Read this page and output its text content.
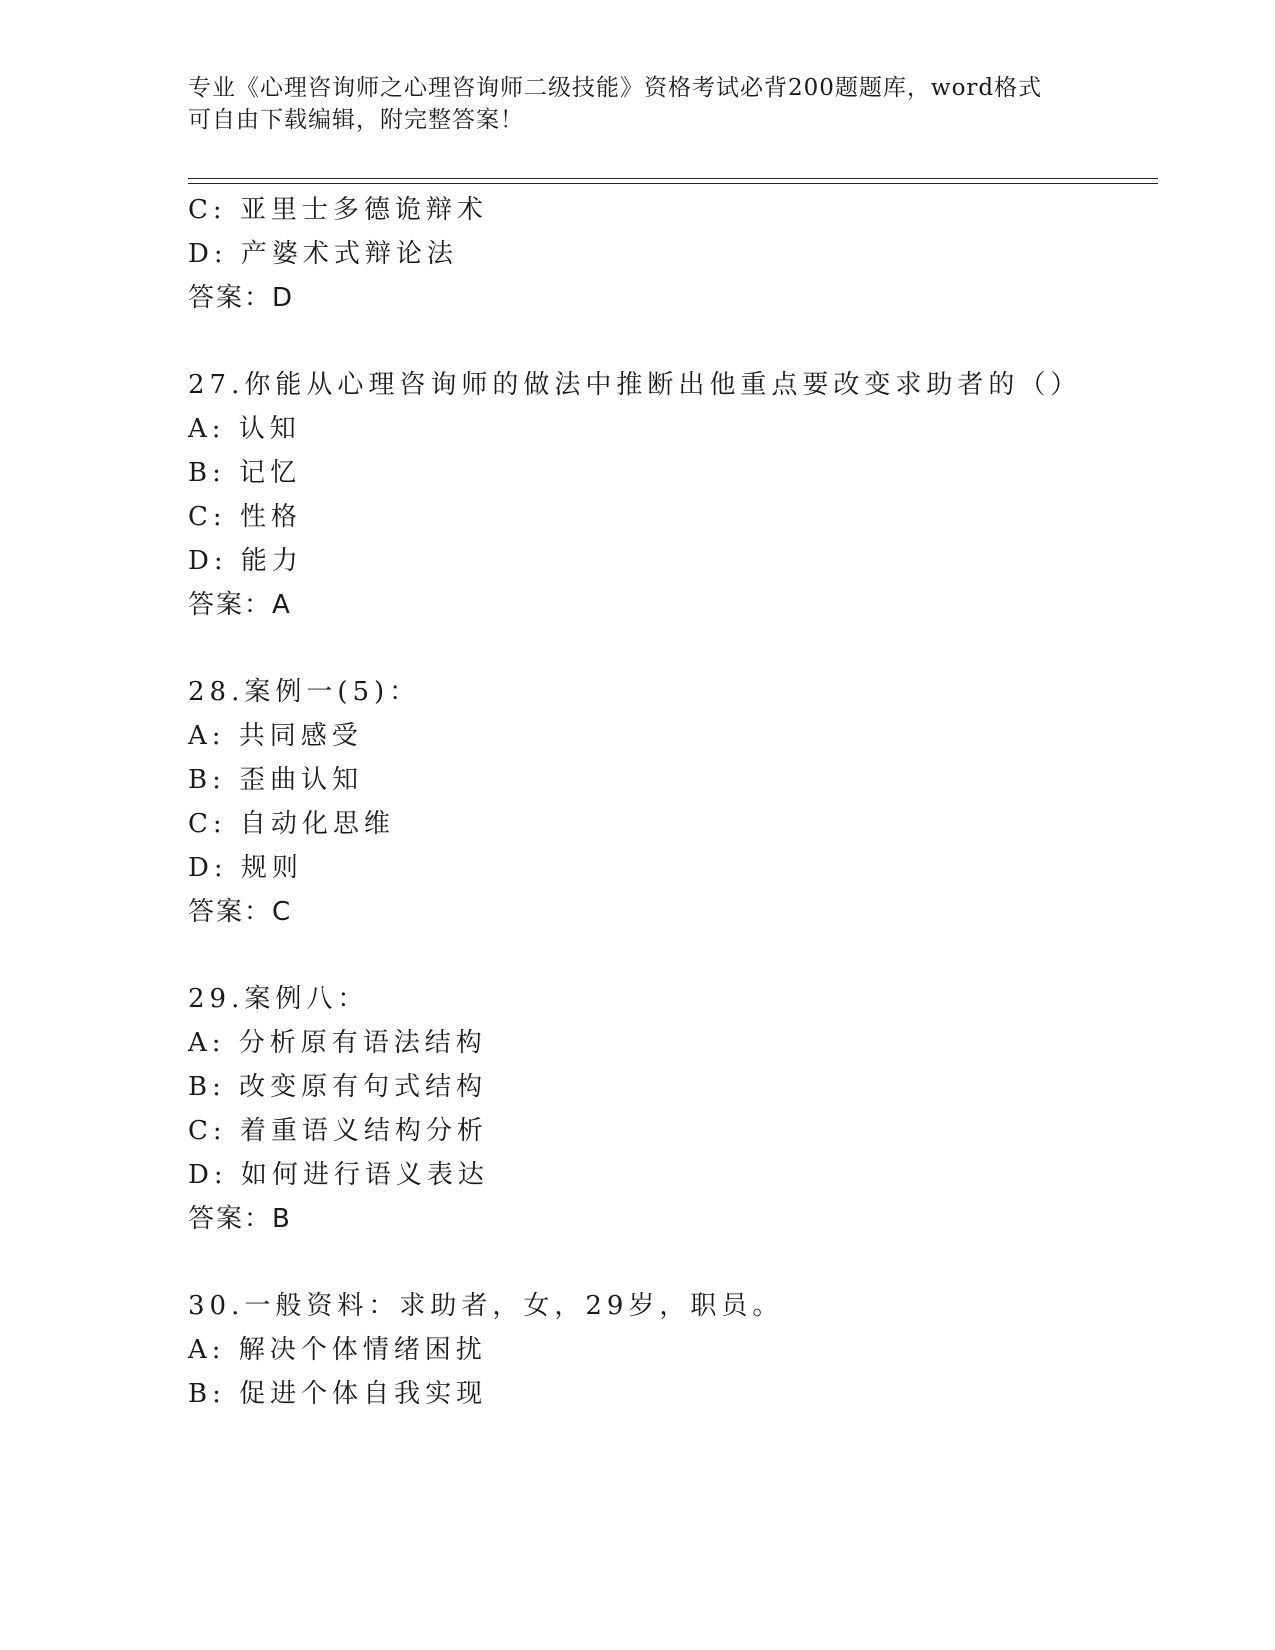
专业《心理咨询师之心理咨询师二级技能》资格考试必背200题题库，word格式
可自由下载编辑，附完整答案！
C: 亚里士多德诡辩术
D: 产婆术式辩论法
答案：D
27.你能从心理咨询师的做法中推断出他重点要改变求助者的（）
A: 认知
B: 记忆
C: 性格
D: 能力
答案：A
28.案例一(5)：
A: 共同感受
B: 歪曲认知
C: 自动化思维
D: 规则
答案：C
29.案例八：
A: 分析原有语法结构
B: 改变原有句式结构
C: 着重语义结构分析
D: 如何进行语义表达
答案：B
30.一般资料：求助者，女，29岁，职员。
A: 解决个体情绪困扰
B: 促进个体自我实现
